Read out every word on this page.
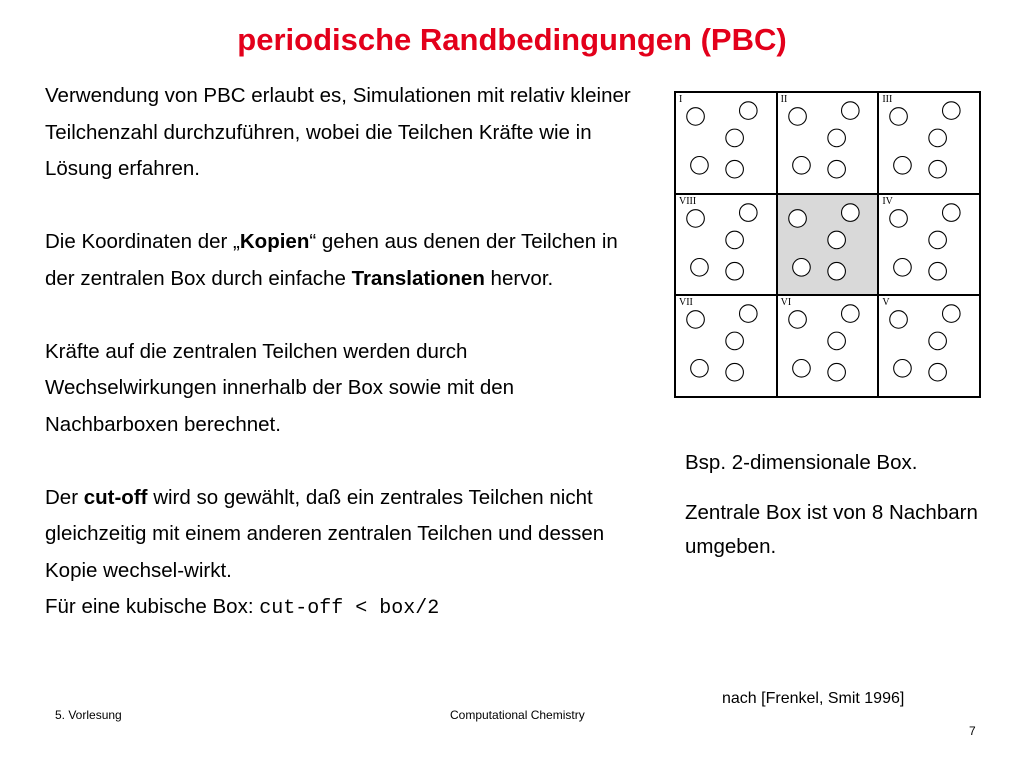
periodische Randbedingungen (PBC)

Verwendung von PBC erlaubt es, Simulationen mit relativ kleiner Teilchenzahl durchzuführen, wobei die Teilchen Kräfte wie in Lösung erfahren.

Die Koordinaten der „Kopien“ gehen aus denen der Teilchen in der zentralen Box durch einfache Translationen hervor.

Kräfte auf die zentralen Teilchen werden durch Wechselwirkungen innerhalb der Box sowie mit den Nachbarboxen berechnet.

Der cut-off wird so gewählt, daß ein zentrales Teilchen nicht gleichzeitig mit einem anderen zentralen Teilchen und dessen Kopie wechsel-wirkt.

Für eine kubische Box: cut-off < box/2

I	II	III
VIII	IV
VII	VI	V

Bsp. 2-dimensionale Box.

Zentrale Box ist von 8 Nachbarn umgeben.

nach [Frenkel, Smit 1996]
5. Vorlesung	Computational Chemistry
7
